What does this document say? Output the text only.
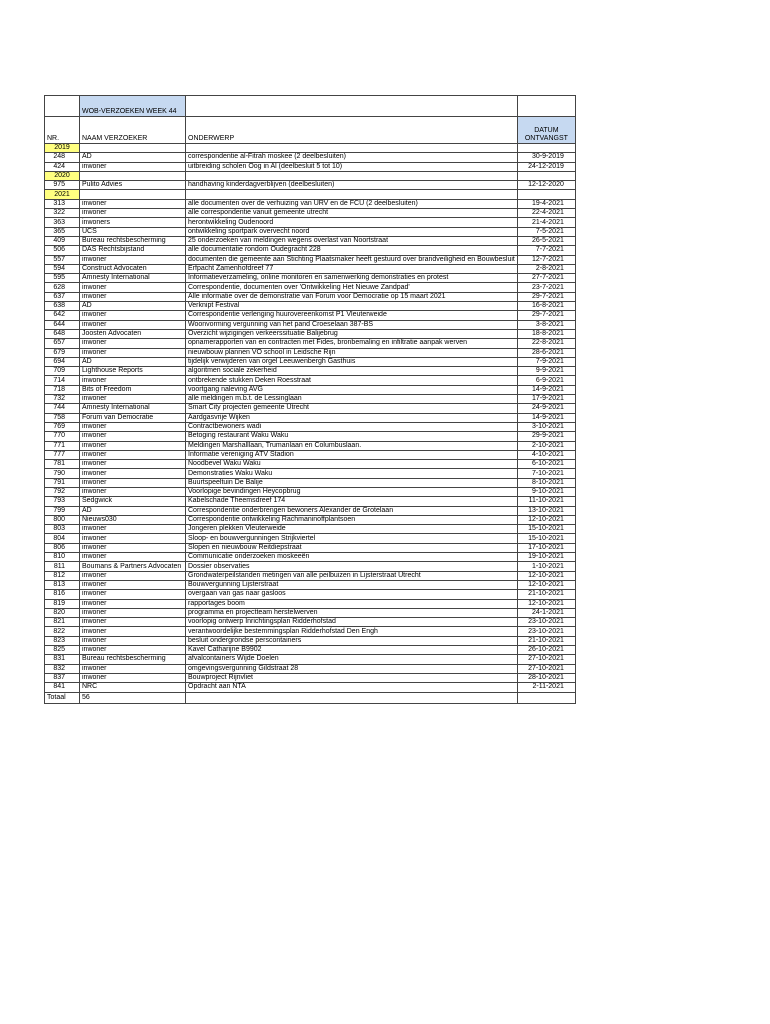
	WOB-VERZOEKEN WEEK 44		
NR.	NAAM VERZOEKER	ONDERWERP	DATUM ONTVANGST
2019			
248	AD	correspondentie al-Fitrah moskee (2 deelbesluiten)	30-9-2019
424	inwoner	uitbreiding scholen Oog in Al (deelbesluit 5 tot 10)	24-12-2019
2020			
975	Pulito Advies	handhaving kinderdagverblijven (deelbesluiten)	12-12-2020
2021			
313	inwoner	alle documenten over de verhuizing van URV en de FCU (2 deelbesluiten)	19-4-2021
322	inwoner	alle correspondentie vanuit gemeente utrecht	22-4-2021
363	inwoners	herontwikkeling Oudenoord	21-4-2021
365	UCS	ontwikkeling sportpark overvecht noord	7-5-2021
409	Bureau rechtsbescherming	25 onderzoeken van meldingen wegens overlast van Noortstraat	26-5-2021
506	DAS Rechtsbijstand	alle documentatie rondom Oudegracht 228	7-7-2021
557	inwoner	documenten die gemeente aan Stichting Plaatsmaker heeft gestuurd over brandveiligheid en Bouwbesluit	12-7-2021
594	Construct Advocaten	Erfpacht Zamenhofdreef 77	2-8-2021
595	Amnesty International	Informatieverzameling, online monitoren en samenwerking demonstraties en protest	27-7-2021
628	inwoner	Correspondentie, documenten over 'Ontwikkeling Het Nieuwe Zandpad'	23-7-2021
637	inwoner	Alle informatie over de demonstratie van Forum voor Democratie op 15 maart 2021	29-7-2021
638	AD	Verknipt Festival	16-8-2021
642	inwoner	Correspondentie verlenging huurovereenkomst P1 Vleuterweide	29-7-2021
644	inwoner	Woonvorming vergunning van het pand Croeselaan 387-BS	3-8-2021
648	Joosten Advocaten	Overzicht wijzigingen verkeerssituatie Balijebrug	18-8-2021
657	inwoner	opnamerapporten van en contracten met Fides, bronbemaling en infiltratie aanpak werven	22-8-2021
679	inwoner	nieuwbouw plannen VO school in Leidsche Rijn	28-6-2021
694	AD	tijdelijk verwijderen van orgel Leeuwenbergh Gasthuis	7-9-2021
709	Lighthouse Reports	algoritmen sociale zekerheid	9-9-2021
714	inwoner	ontbrekende stukken Deken Roesstraat	6-9-2021
718	Bits of Freedom	voortgang naleving AVG	14-9-2021
732	inwoner	alle meldingen m.b.t. de Lessinglaan	17-9-2021
744	Amnesty International	Smart City projecten gemeente Utrecht	24-9-2021
758	Forum van Democratie	Aardgasvrije Wijken	14-9-2021
769	inwoner	Contractbewoners wadi	3-10-2021
770	inwoner	Betoging restaurant Waku Waku	29-9-2021
771	inwoner	Meldingen Marshalllaan, Trumanlaan en Columbuslaan.	2-10-2021
777	inwoner	Informatie vereniging ATV Stadion	4-10-2021
781	inwoner	Noodbevel Waku Waku	6-10-2021
790	inwoner	Demonstraties Waku Waku	7-10-2021
791	inwoner	Buurtspeeltuin De Balije	8-10-2021
792	inwoner	Voorlopige bevindingen Heycopbrug	9-10-2021
793	Sedgwick	Kabelschade Theemsdreef 174	11-10-2021
799	AD	Correspondentie onderbrengen bewoners Alexander de Grotelaan	13-10-2021
800	Nieuws030	Correspondentie ontwikkeling Rachmaninoffplantsoen	12-10-2021
803	inwoner	Jongeren plekken Vleuterweide	15-10-2021
804	inwoner	Sloop- en bouwvergunningen Strijkviertel	15-10-2021
806	inwoner	Slopen en nieuwbouw Reitdiepstraat	17-10-2021
810	inwoner	Communicatie onderzoeken moskeeën	19-10-2021
811	Boumans & Partners Advocaten	Dossier observaties	1-10-2021
812	inwoner	Grondwaterpeilstanden metingen van alle peilbuizen in Lijsterstraat Utrecht	12-10-2021
813	inwoner	Bouwvergunning Lijsterstraat	12-10-2021
816	inwoner	overgaan van gas naar gasloos	21-10-2021
819	inwoner	rapportages boom	12-10-2021
820	inwoner	programma en projectteam herstelwerven	24-1-2021
821	inwoner	voorlopig ontwerp Inrichtingsplan Ridderhofstad	23-10-2021
822	inwoner	verantwoordelijke bestemmingsplan Ridderhofstad Den Engh	23-10-2021
823	inwoner	besluit ondergrondse perscontainers	21-10-2021
825	inwoner	Kavel Catharijne B9902	26-10-2021
831	Bureau rechtsbescherming	afvalcontainers Wijde Doelen	27-10-2021
832	inwoner	omgevingsvergunning Gildstraat 28	27-10-2021
837	inwoner	Bouwproject Rijnvliet	28-10-2021
841	NRC	Opdracht aan NTA	2-11-2021
Totaal	56		
